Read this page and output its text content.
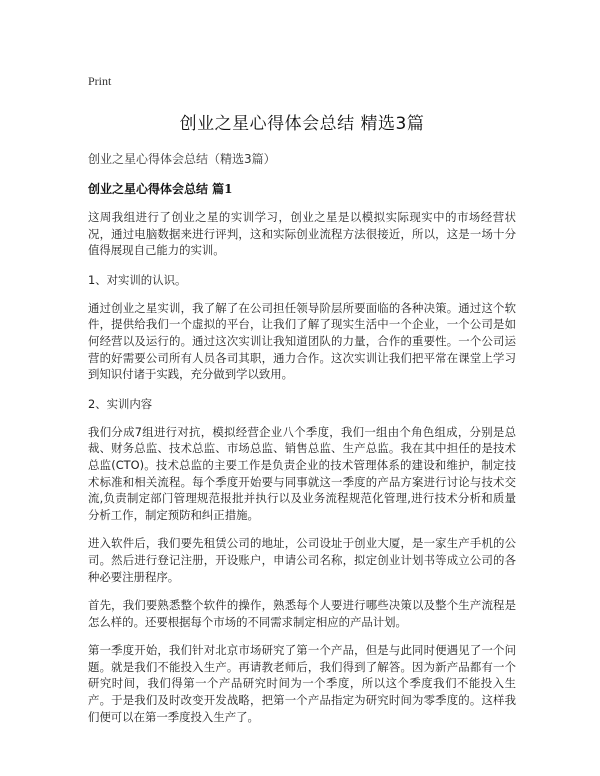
Print
创业之星心得体会总结 精选3篇
创业之星心得体会总结（精选3篇）
创业之星心得体会总结 篇1

这周我组进行了创业之星的实训学习，创业之星是以模拟实际现实中的市场经营状况，通过电脑数据来进行评判，这和实际创业流程方法很接近，所以，这是一场十分值得展现自己能力的实训。

1、对实训的认识。

通过创业之星实训，我了解了在公司担任领导阶层所要面临的各种决策。通过这个软件，提供给我们一个虚拟的平台，让我们了解了现实生活中一个企业，一个公司是如何经营以及运行的。通过这次实训让我知道团队的力量，合作的重要性。一个公司运营的好需要公司所有人员各司其职，通力合作。这次实训让我们把平常在课堂上学习到知识付诸于实践，充分做到学以致用。

2、实训内容

我们分成7组进行对抗，模拟经营企业八个季度，我们一组由个角色组成，分别是总裁、财务总监、技术总监、市场总监、销售总监、生产总监。我在其中担任的是技术总监(CTO)。技术总监的主要工作是负责企业的技术管理体系的建设和维护，制定技术标准和相关流程。每个季度开始要与同事就这一季度的产品方案进行讨论与技术交流,负责制定部门管理规范报批并执行以及业务流程规范化管理,进行技术分析和质量分析工作，制定预防和纠正措施。

进入软件后，我们要先租赁公司的地址，公司设址于创业大厦，是一家生产手机的公司。然后进行登记注册，开设账户，申请公司名称，拟定创业计划书等成立公司的各种必要注册程序。

首先，我们要熟悉整个软件的操作，熟悉每个人要进行哪些决策以及整个生产流程是怎么样的。还要根据每个市场的不同需求制定相应的产品计划。

第一季度开始，我们针对北京市场研究了第一个产品，但是与此同时便遇见了一个问题。就是我们不能投入生产。再请教老师后，我们得到了解答。因为新产品都有一个研究时间，我们得第一个产品研究时间为一个季度，所以这个季度我们不能投入生产。于是我们及时改变开发战略，把第一个产品指定为研究时间为零季度的。这样我们便可以在第一季度投入生产了。
